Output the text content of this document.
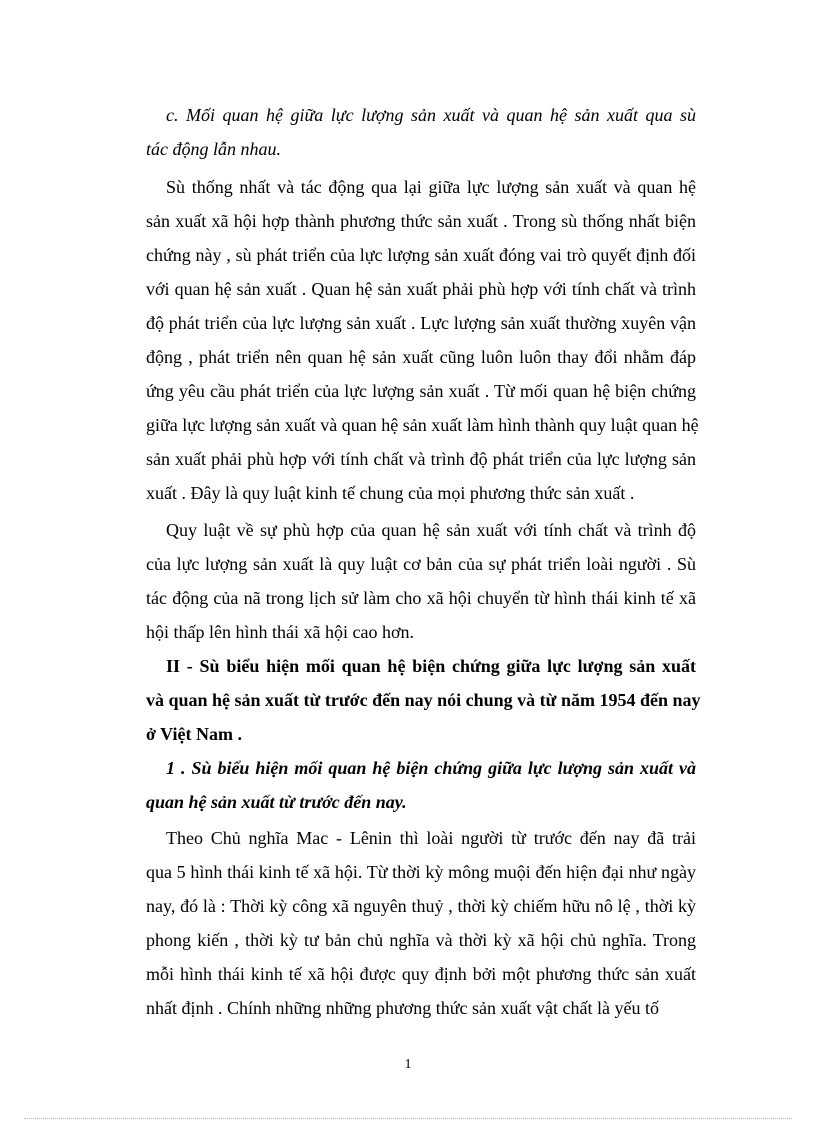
c. Mối quan hệ giữa lực lượng sản xuất và quan hệ sản xuất qua sù
tác động lẫn nhau.
Sù thống nhất và tác động qua lại giữa lực lượng sản xuất và quan hệ
sản xuất xã hội hợp thành phương thức sản xuất . Trong sù thống nhất biện
chứng này , sù phát triển của lực lượng sản xuất đóng vai trò quyết định đối
với quan hệ sản xuất . Quan hệ sản xuất phải phù hợp với tính chất và trình
độ phát triển của lực lượng sản xuất . Lực lượng sản xuất thường xuyên vận
động , phát triển nên quan hệ sản xuất cũng luôn luôn thay đổi nhằm đáp
ứng yêu cầu phát triển của lực lượng sản xuất . Từ mối quan hệ biện chứng
giữa lực lượng sản xuất và quan hệ sản xuất làm hình thành quy luật quan hệ
sản xuất phải phù hợp với tính chất và trình độ phát triển của lực lượng sản
xuất . Đây là quy luật kinh tế chung của mọi phương thức sản xuất .
Quy luật về sự phù hợp của quan hệ sản xuất với tính chất và trình độ
của lực lượng sản xuất là quy luật cơ bản của sự phát triển loài người . Sù
tác động của nã trong lịch sử làm cho xã hội chuyển từ hình thái kinh tế xã
hội thấp lên hình thái xã hội cao hơn.
II - Sù biểu hiện mối quan hệ biện chứng giữa lực lượng sản xuất
và quan hệ sản xuất từ trước đến nay nói chung và từ năm 1954 đến nay
ở Việt Nam .
1 . Sù biểu hiện mối quan hệ biện chứng giữa lực lượng sản xuất và
quan hệ sản xuất từ trước đến nay.
Theo Chủ nghĩa Mac - Lênin thì loài người từ trước đến nay đã trải
qua 5 hình thái kinh tế xã hội. Từ thời kỳ mông muội đến hiện đại như ngày
nay, đó là : Thời kỳ công xã nguyên thuỷ , thời kỳ chiếm hữu nô lệ , thời kỳ
phong kiến , thời kỳ tư bản chủ nghĩa và thời kỳ xã hội chủ nghĩa. Trong
mỗi hình thái kinh tế xã hội được quy định bởi một phương thức sản xuất
nhất định . Chính những những phương thức sản xuất vật chất là yếu tố
1
